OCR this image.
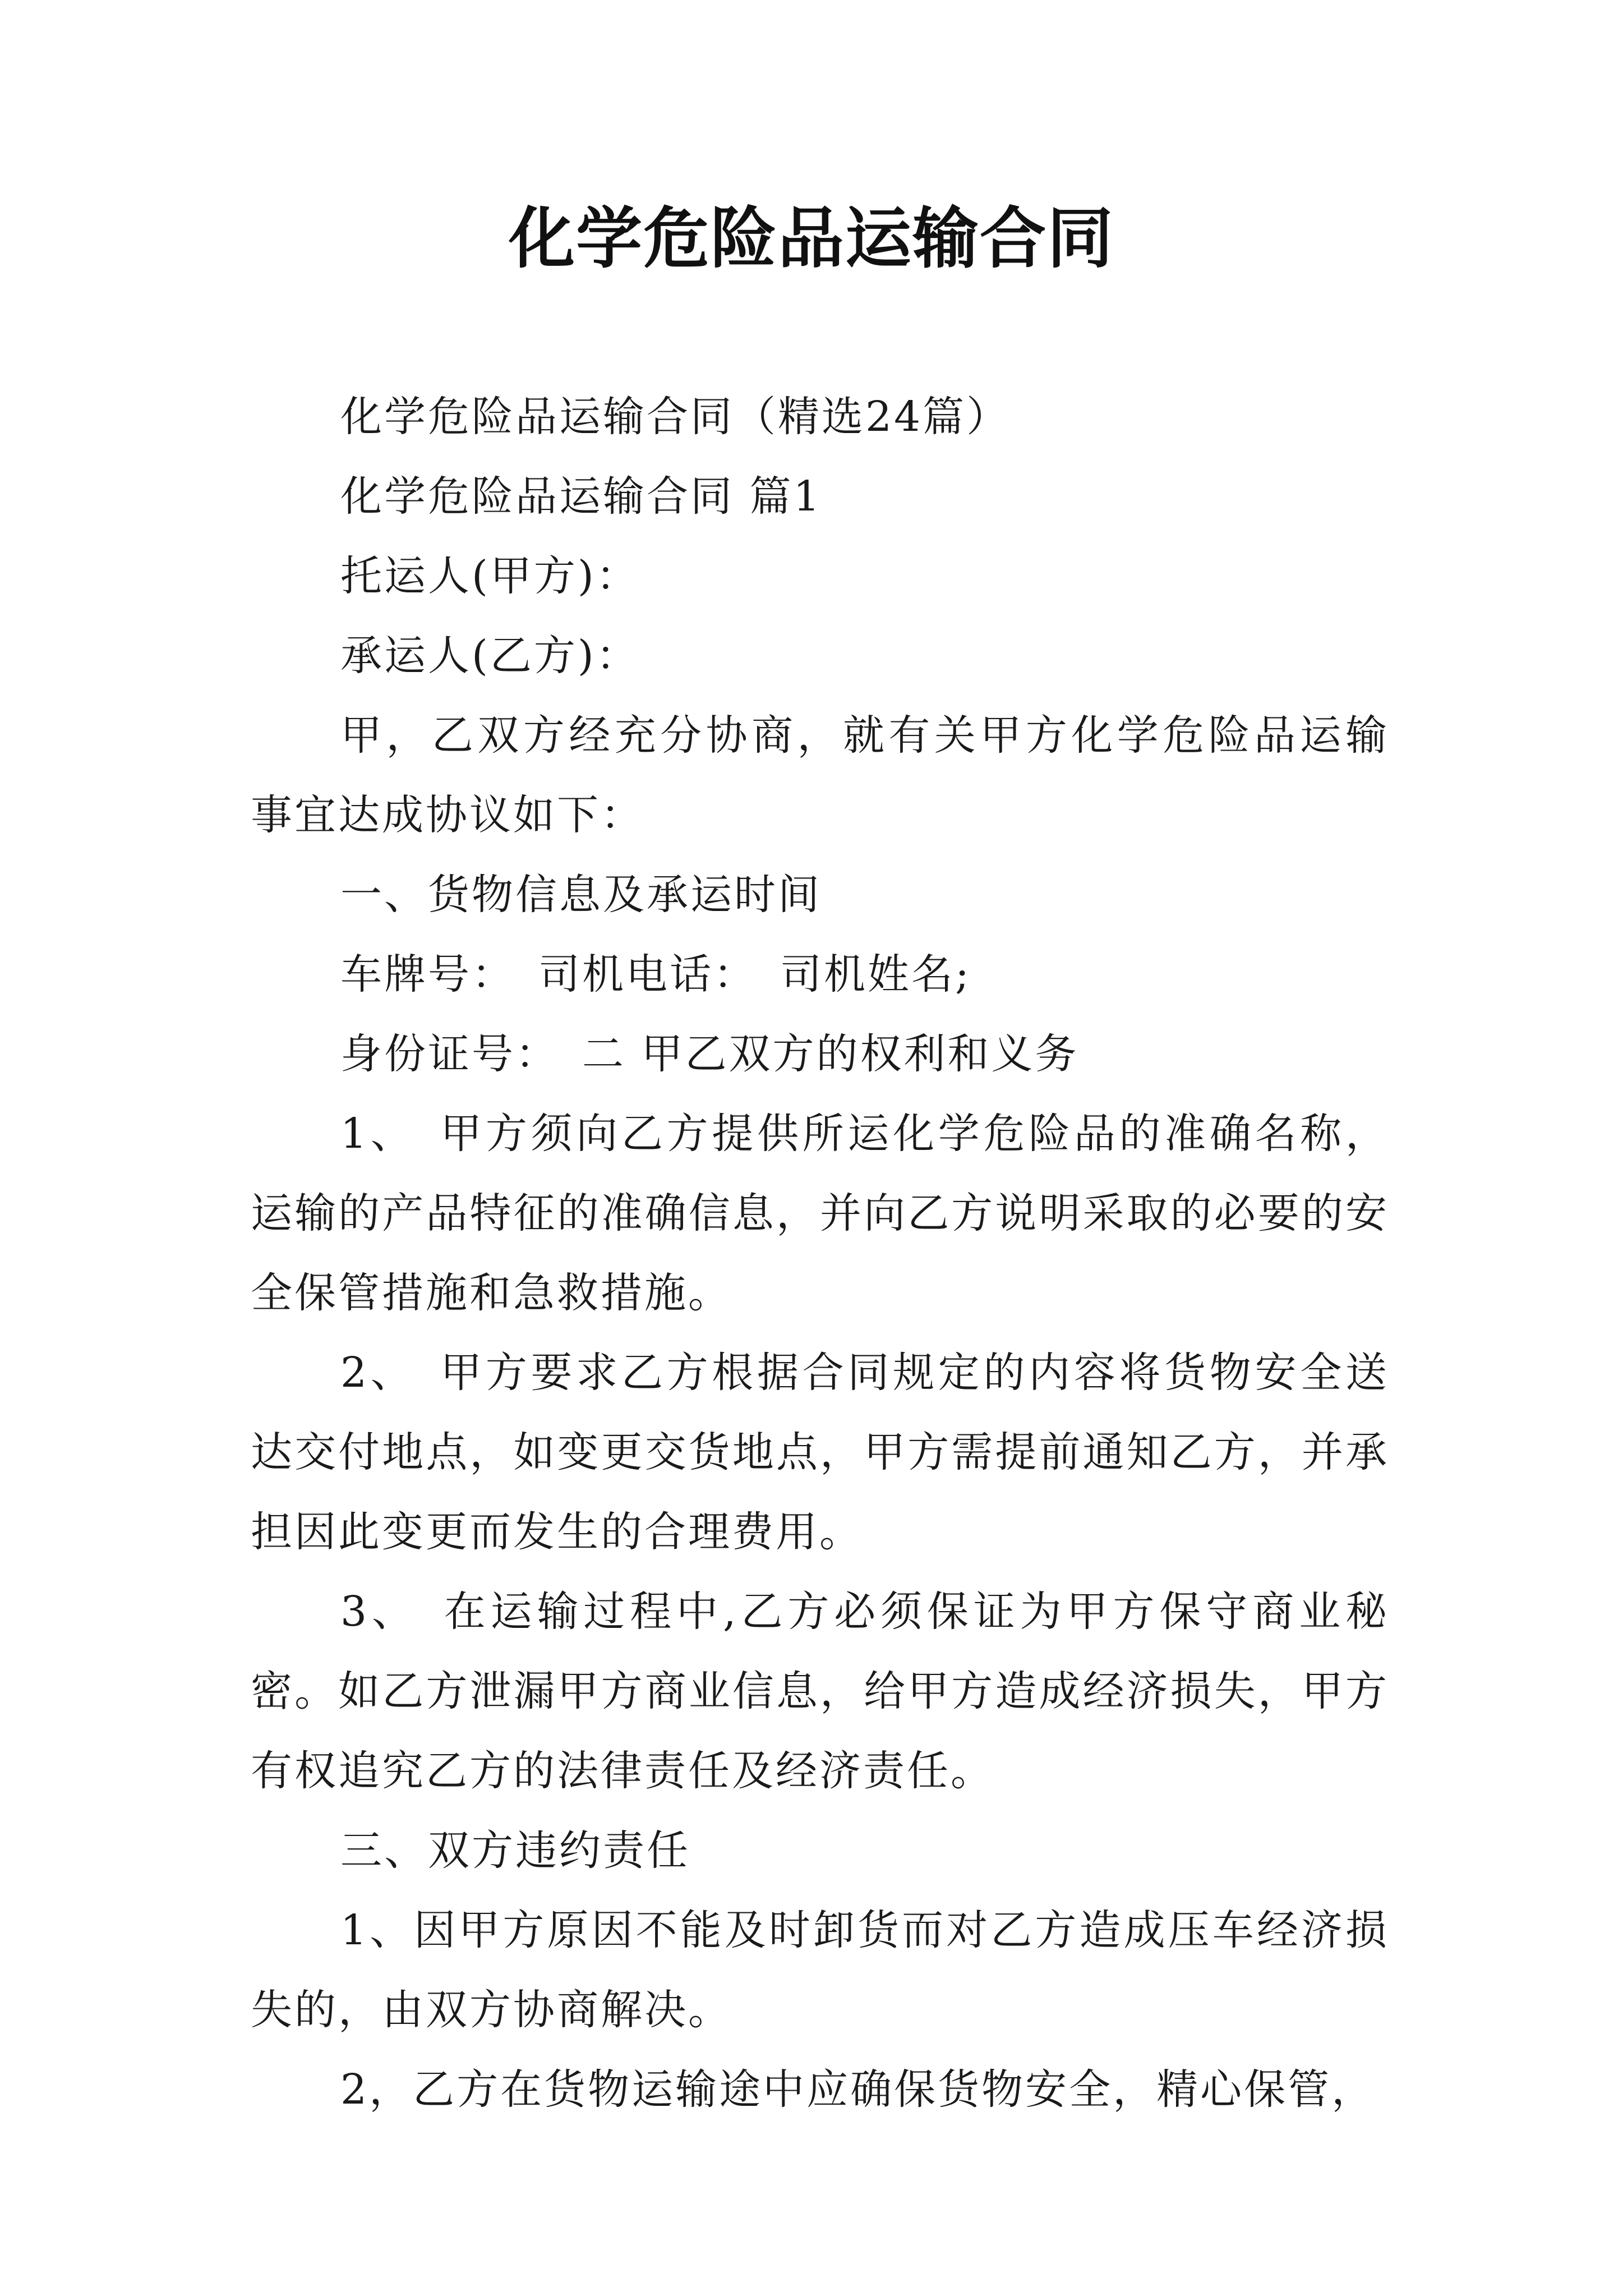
化学危险品运输合同

化学危险品运输合同（精选24篇）

化学危险品运输合同 篇1

托运人(甲方)：

承运人(乙方)：

甲，乙双方经充分协商，就有关甲方化学危险品运输事宜达成协议如下：

一、货物信息及承运时间

车牌号：　司机电话：　司机姓名;

身份证号：　二 甲乙双方的权利和义务

1、　甲方须向乙方提供所运化学危险品的准确名称，运输的产品特征的准确信息，并向乙方说明采取的必要的安全保管措施和急救措施。

2、　甲方要求乙方根据合同规定的内容将货物安全送达交付地点，如变更交货地点，甲方需提前通知乙方，并承担因此变更而发生的合理费用。

3、　在运输过程中,乙方必须保证为甲方保守商业秘密。如乙方泄漏甲方商业信息，给甲方造成经济损失，甲方有权追究乙方的法律责任及经济责任。

三、双方违约责任

1、因甲方原因不能及时卸货而对乙方造成压车经济损失的，由双方协商解决。

2，乙方在货物运输途中应确保货物安全，精心保管，
